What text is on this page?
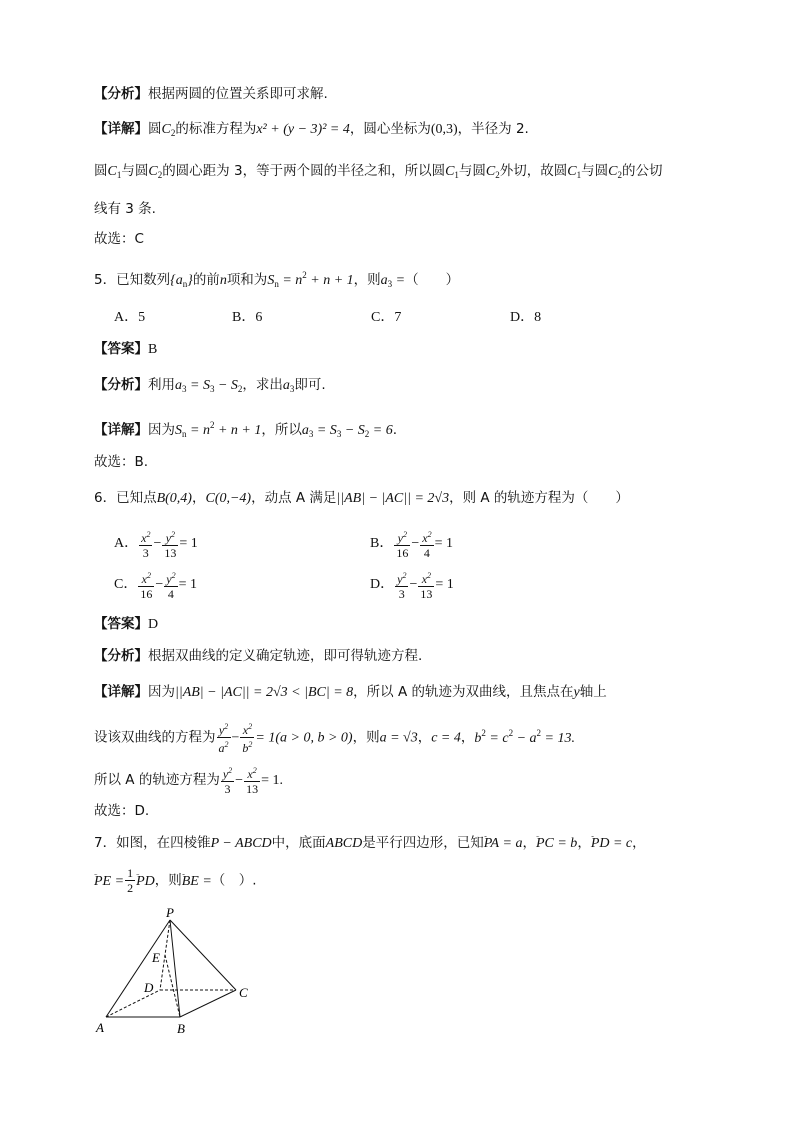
【分析】根据两圆的位置关系即可求解.
【详解】圆$C_2$的标准方程为x² + (y − 3)² = 4，圆心坐标为(0,3)，半径为 2.
圆$C_1$与圆$C_2$的圆心距为 3，等于两个圆的半径之和，所以圆$C_1$与圆$C_2$外切，故圆$C_1$与圆$C_2$的公切
线有 3 条.
故选：C
5．已知数列$\{a_n\}$的前n项和为$S_n = n^2 + n + 1$，则$a_3$ =（　　）
A．5	B．6	C．7	D．8
【答案】B
【分析】利用$a_3 = S_3 - S_2$，求出$a_3$即可.
【详解】因为$S_n = n^2 + n + 1$，所以$a_3 = S_3 - S_2 = 6$.
故选：B.
6．已知点B(0,4)，C(0,−4)，动点 A 满足||AB| − |AC|| = 2√3，则 A 的轨迹方程为（　　）
A． $\frac{x^2}{3} - \frac{y^2}{13} = 1$	B． $\frac{y^2}{16} - \frac{x^2}{4} = 1$
C． $\frac{x^2}{16} - \frac{y^2}{4} = 1$	D． $\frac{y^2}{3} - \frac{x^2}{13} = 1$
【答案】D
【分析】根据双曲线的定义确定轨迹，即可得轨迹方程.
【详解】因为||AB| − |AC|| = 2√3 < |BC| = 8，所以 A 的轨迹为双曲线，且焦点在y轴上
设该双曲线的方程为 $\frac{y^2}{a^2} - \frac{x^2}{b^2} = 1(a > 0$, b > 0)，则a = √3，c = 4，$b^2 = c^2 - a^2 = 13$.
所以 A 的轨迹方程为 $\frac{y^2}{3} - \frac{x^2}{13} = 1$.
故选：D.
7．如图，在四棱锥P − ABCD中，底面ABCD是平行四边形，已知ᵕᵕ PA = a，ᵕᵕ PC = b，ᵕᵕ PD = c，
ᵕᵕ PE = $\frac{1}{2}$
ᵕᵕ PD，则ᵕᵕ BE =（　）.
P
E
D	C
A	B
